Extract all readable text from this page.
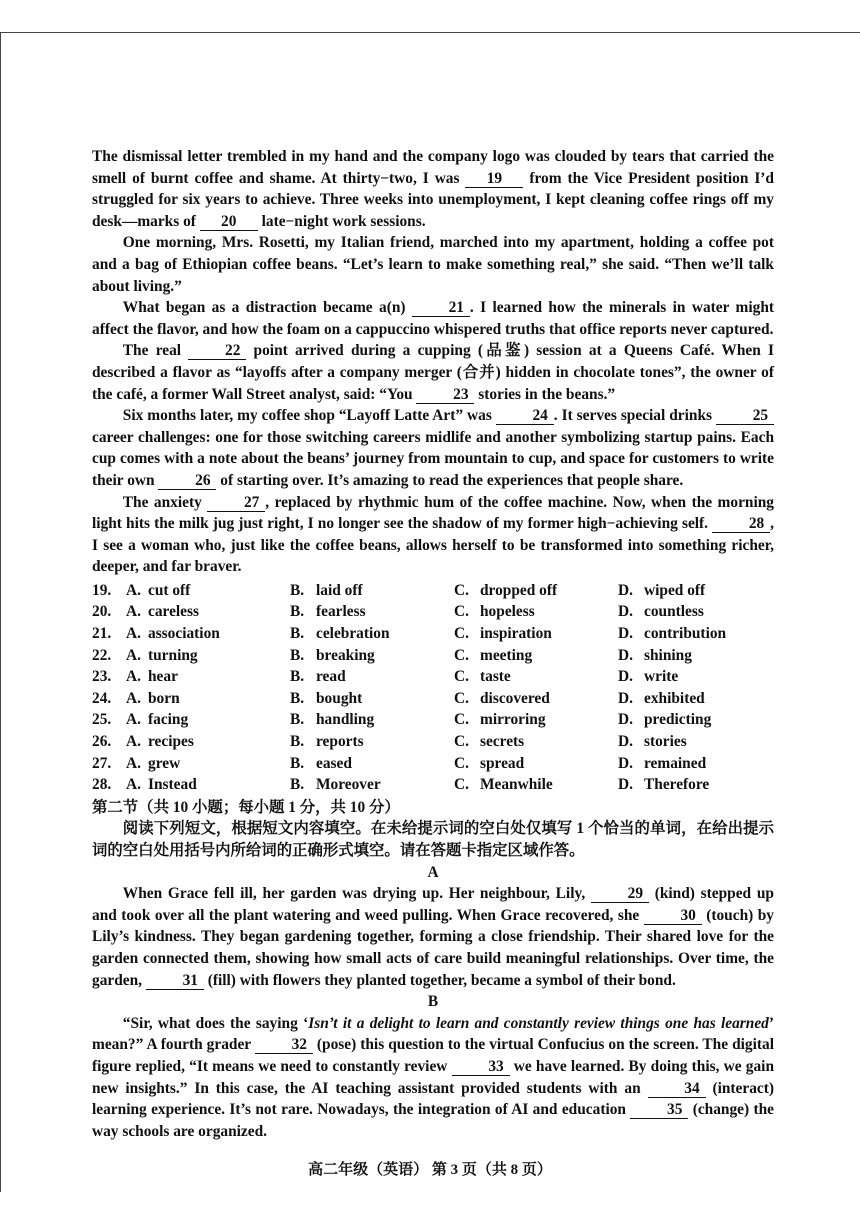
The dismissal letter trembled in my hand and the company logo was clouded by tears that carried the smell of burnt coffee and shame. At thirty−two, I was 19 from the Vice President position I’d struggled for six years to achieve. Three weeks into unemployment, I kept cleaning coffee rings off my desk—marks of 20 late−night work sessions.

One morning, Mrs. Rosetti, my Italian friend, marched into my apartment, holding a coffee pot and a bag of Ethiopian coffee beans. “Let’s learn to make something real,” she said. “Then we’ll talk about living.”

What began as a distraction became a(n) 21 . I learned how the minerals in water might affect the flavor, and how the foam on a cappuccino whispered truths that office reports never captured.

The real 22 point arrived during a cupping (品鉴) session at a Queens Café. When I described a flavor as “layoffs after a company merger (合并) hidden in chocolate tones”, the owner of the café, a former Wall Street analyst, said: “You 23 stories in the beans.”

Six months later, my coffee shop “Layoff Latte Art” was 24 . It serves special drinks 25 career challenges: one for those switching careers midlife and another symbolizing startup pains. Each cup comes with a note about the beans’ journey from mountain to cup, and space for customers to write their own 26 of starting over. It’s amazing to read the experiences that people share.

The anxiety 27 , replaced by rhythmic hum of the coffee machine. Now, when the morning light hits the milk jug just right, I no longer see the shadow of my former high−achieving self. 28 , I see a woman who, just like the coffee beans, allows herself to be transformed into something richer, deeper, and far braver.

19. A. cut off	B. laid off	C. dropped off	D. wiped off
20. A. careless	B. fearless	C. hopeless	D. countless
21. A. association	B. celebration	C. inspiration	D. contribution
22. A. turning	B. breaking	C. meeting	D. shining
23. A. hear	B. read	C. taste	D. write
24. A. born	B. bought	C. discovered	D. exhibited
25. A. facing	B. handling	C. mirroring	D. predicting
26. A. recipes	B. reports	C. secrets	D. stories
27. A. grew	B. eased	C. spread	D. remained
28. A. Instead	B. Moreover	C. Meanwhile	D. Therefore

第二节（共 10 小题；每小题 1 分，共 10 分）

阅读下列短文，根据短文内容填空。在未给提示词的空白处仅填写 1 个恰当的单词，在给出提示词的空白处用括号内所给词的正确形式填空。请在答题卡指定区域作答。

A

When Grace fell ill, her garden was drying up. Her neighbour, Lily, 29 (kind) stepped up and took over all the plant watering and weed pulling. When Grace recovered, she 30 (touch) by Lily’s kindness. They began gardening together, forming a close friendship. Their shared love for the garden connected them, showing how small acts of care build meaningful relationships. Over time, the garden, 31 (fill) with flowers they planted together, became a symbol of their bond.

B

“Sir, what does the saying ‘Isn’t it a delight to learn and constantly review things one has learned’ mean?” A fourth grader 32 (pose) this question to the virtual Confucius on the screen. The digital figure replied, “It means we need to constantly review 33 we have learned. By doing this, we gain new insights.” In this case, the AI teaching assistant provided students with an 34 (interact) learning experience. It’s not rare. Nowadays, the integration of AI and education 35 (change) the way schools are organized.

高二年级（英语） 第 3 页（共 8 页）
